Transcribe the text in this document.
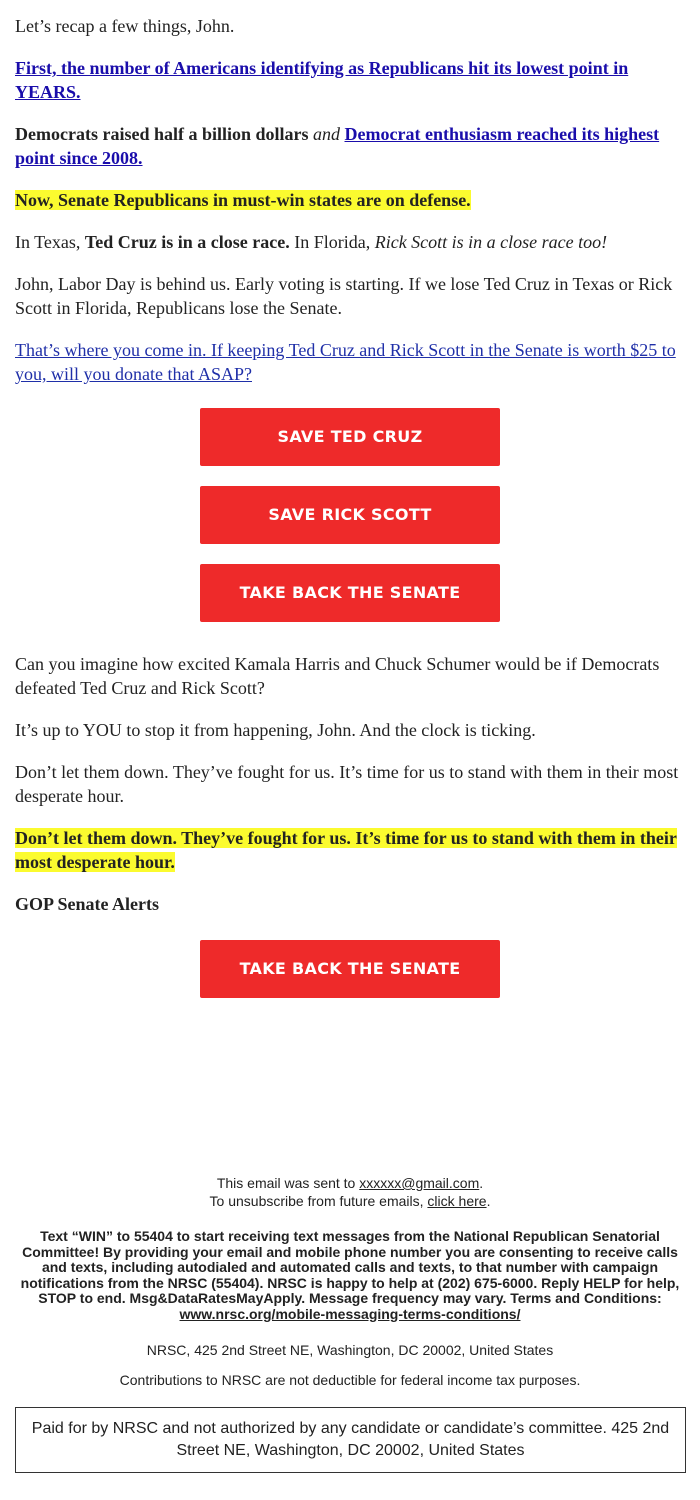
Let’s recap a few things, John.

First, the number of Americans identifying as Republicans hit its lowest point in YEARS.

Democrats raised half a billion dollars and Democrat enthusiasm reached its highest point since 2008.

Now, Senate Republicans in must-win states are on defense.

In Texas, Ted Cruz is in a close race. In Florida, Rick Scott is in a close race too!

John, Labor Day is behind us. Early voting is starting. If we lose Ted Cruz in Texas or Rick Scott in Florida, Republicans lose the Senate.

That’s where you come in. If keeping Ted Cruz and Rick Scott in the Senate is worth $25 to you, will you donate that ASAP?

SAVE TED CRUZ
SAVE RICK SCOTT
TAKE BACK THE SENATE

Can you imagine how excited Kamala Harris and Chuck Schumer would be if Democrats defeated Ted Cruz and Rick Scott?

It’s up to YOU to stop it from happening, John. And the clock is ticking.

Don’t let them down. They’ve fought for us. It’s time for us to stand with them in their most desperate hour.

Don’t let them down. They’ve fought for us. It’s time for us to stand with them in their most desperate hour.

GOP Senate Alerts

TAKE BACK THE SENATE
This email was sent to xxxxxx@gmail.com.
To unsubscribe from future emails, click here.
Text “WIN” to 55404 to start receiving text messages from the National Republican Senatorial Committee! By providing your email and mobile phone number you are consenting to receive calls and texts, including autodialed and automated calls and texts, to that number with campaign notifications from the NRSC (55404). NRSC is happy to help at (202) 675-6000. Reply HELP for help, STOP to end. Msg&DataRatesMayApply. Message frequency may vary. Terms and Conditions: www.nrsc.org/mobile-messaging-terms-conditions/
NRSC, 425 2nd Street NE, Washington, DC 20002, United States
Contributions to NRSC are not deductible for federal income tax purposes.
Paid for by NRSC and not authorized by any candidate or candidate’s committee. 425 2nd Street NE, Washington, DC 20002, United States
